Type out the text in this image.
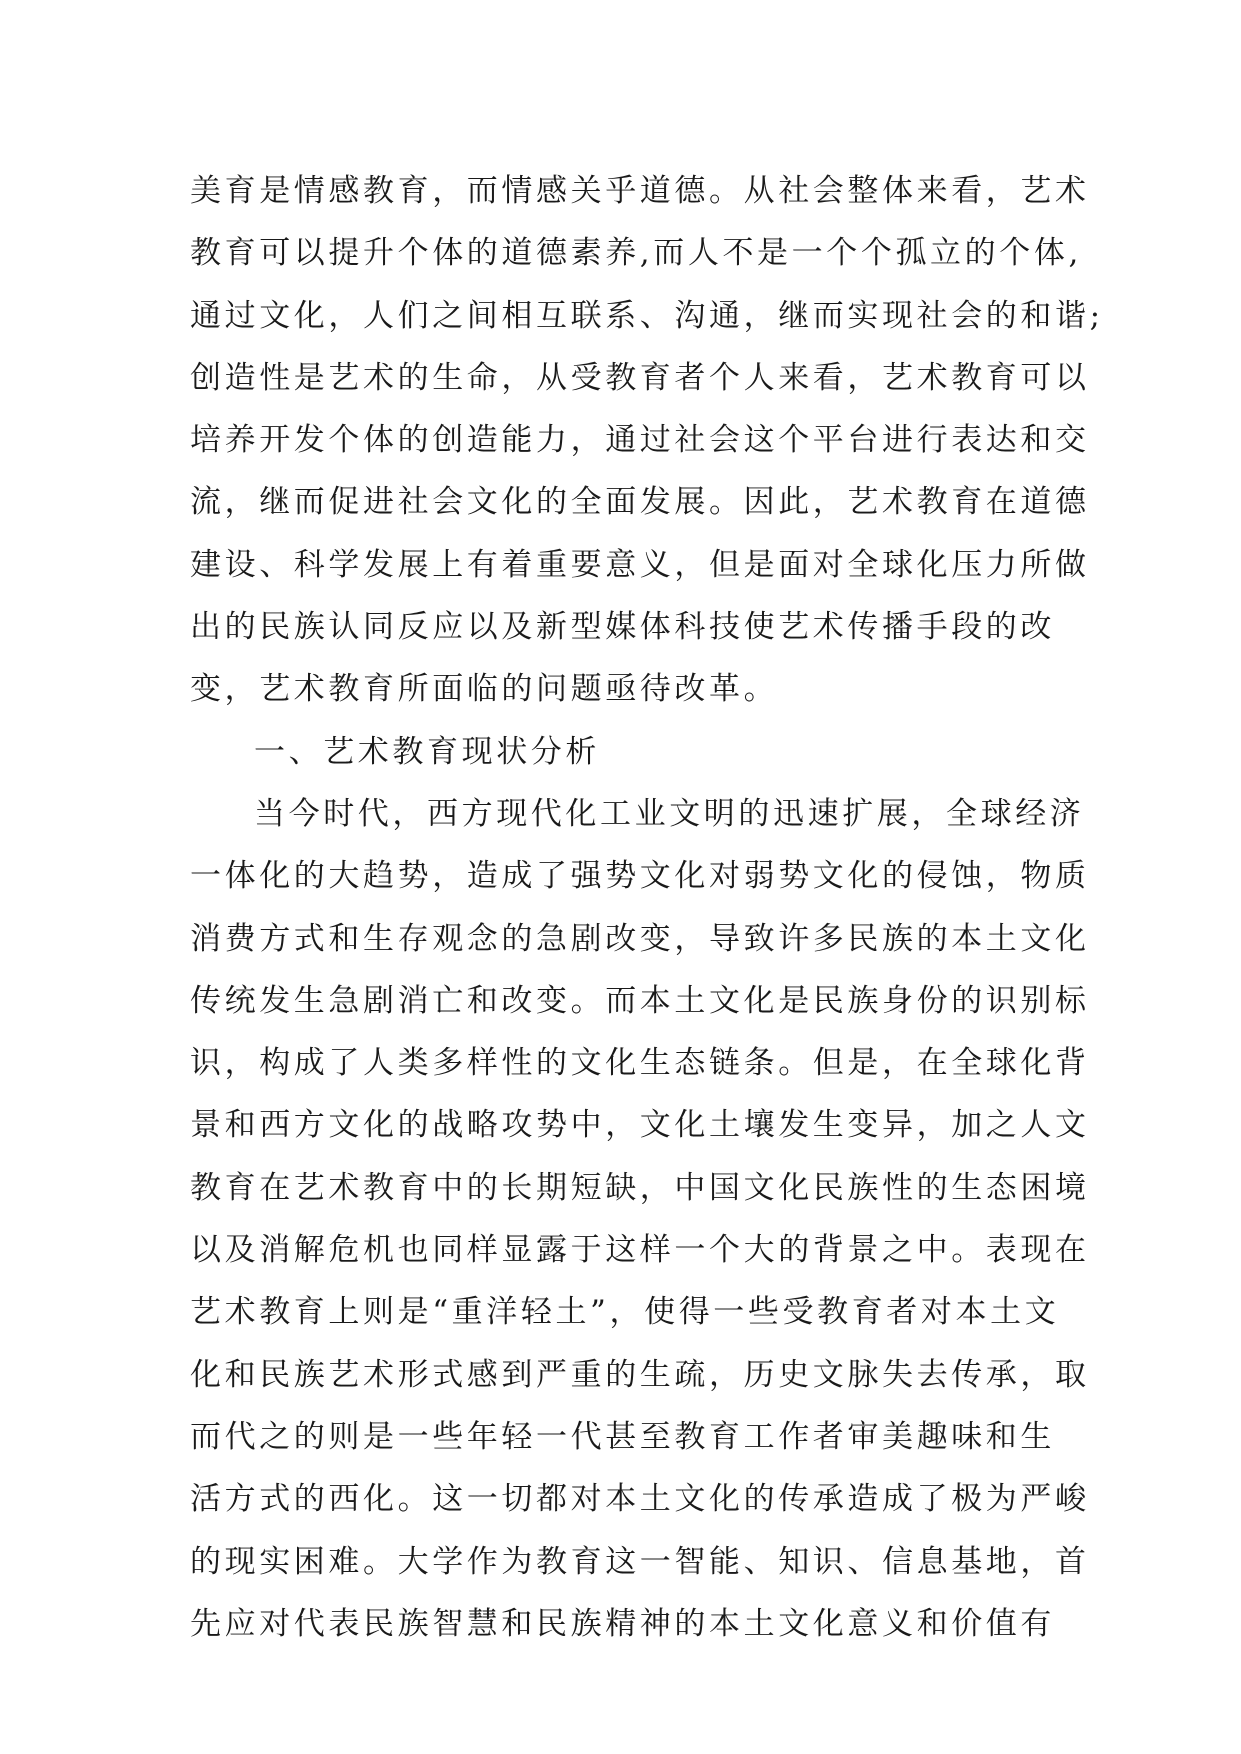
美育是情感教育，而情感关乎道德。从社会整体来看，艺术
教育可以提升个体的道德素养,而人不是一个个孤立的个体,
通过文化，人们之间相互联系、沟通，继而实现社会的和谐;
创造性是艺术的生命，从受教育者个人来看，艺术教育可以
培养开发个体的创造能力，通过社会这个平台进行表达和交
流，继而促进社会文化的全面发展。因此，艺术教育在道德
建设、科学发展上有着重要意义，但是面对全球化压力所做
出的民族认同反应以及新型媒体科技使艺术传播手段的改
变，艺术教育所面临的问题亟待改革。
一、艺术教育现状分析
当今时代，西方现代化工业文明的迅速扩展，全球经济
一体化的大趋势，造成了强势文化对弱势文化的侵蚀，物质
消费方式和生存观念的急剧改变，导致许多民族的本土文化
传统发生急剧消亡和改变。而本土文化是民族身份的识别标
识，构成了人类多样性的文化生态链条。但是，在全球化背
景和西方文化的战略攻势中，文化土壤发生变异，加之人文
教育在艺术教育中的长期短缺，中国文化民族性的生态困境
以及消解危机也同样显露于这样一个大的背景之中。表现在
艺术教育上则是“重洋轻土”，使得一些受教育者对本土文
化和民族艺术形式感到严重的生疏，历史文脉失去传承，取
而代之的则是一些年轻一代甚至教育工作者审美趣味和生
活方式的西化。这一切都对本土文化的传承造成了极为严峻
的现实困难。大学作为教育这一智能、知识、信息基地，首
先应对代表民族智慧和民族精神的本土文化意义和价值有
